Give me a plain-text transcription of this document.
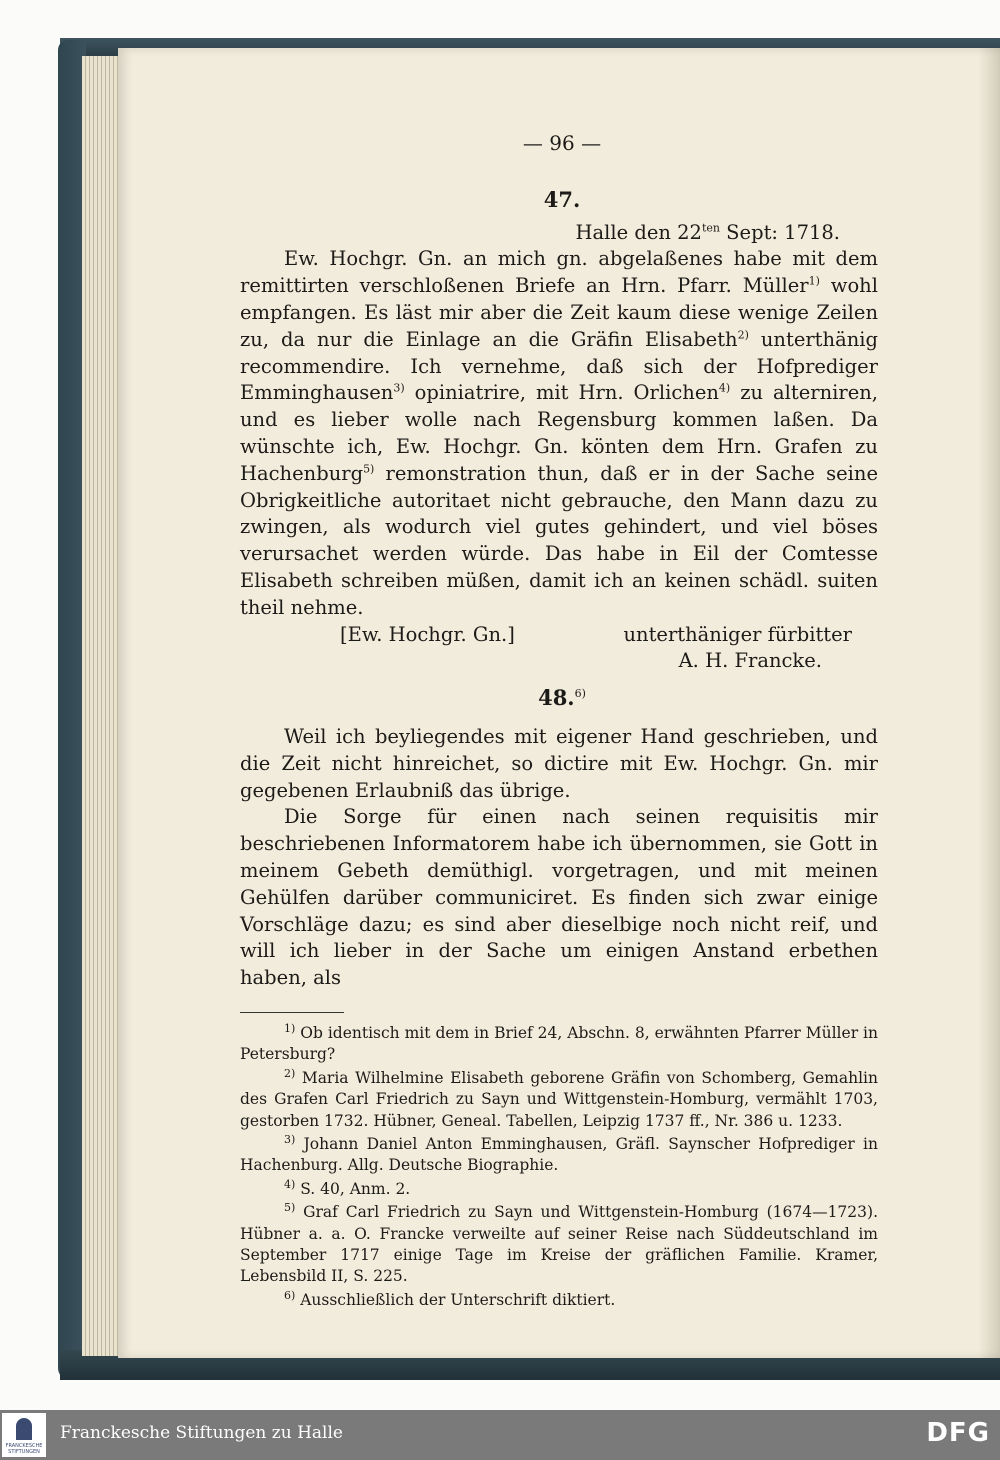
— 96 —
47.
Halle den $22^{ten}$ Sept: 1718.

Ew. Hochgr. Gn. an mich gn. abgelaßenes habe mit dem remittirten verschloßenen Briefe an Hrn. Pfarr. Müller$^{1)}$ wohl empfangen. Es läst mir aber die Zeit kaum diese wenige Zeilen zu, da nur die Einlage an die Gräfin Elisabeth$^{2)}$ unterthänig recommendire. Ich vernehme, daß sich der Hofprediger Emminghausen$^{3)}$ opiniatrire, mit Hrn. Orlichen$^{4)}$ zu alterniren, und es lieber wolle nach Regensburg kommen laßen. Da wünschte ich, Ew. Hochgr. Gn. könten dem Hrn. Grafen zu Hachenburg$^{5)}$ remonstration thun, daß er in der Sache seine Obrigkeitliche autoritaet nicht gebrauche, den Mann dazu zu zwingen, als wodurch viel gutes gehindert, und viel böses verursachet werden würde. Das habe in Eil der Comtesse Elisabeth schreiben müßen, damit ich an keinen schädl. suiten theil nehme.

[Ew. Hochgr. Gn.]	unterthäniger fürbitter
A. H. Francke.
48.$^{6)}$

Weil ich beyliegendes mit eigener Hand geschrieben, und die Zeit nicht hinreichet, so dictire mit Ew. Hochgr. Gn. mir gegebenen Erlaubniß das übrige.

Die Sorge für einen nach seinen requisitis mir beschriebenen Informatorem habe ich übernommen, sie Gott in meinem Gebeth demüthigl. vorgetragen, und mit meinen Gehülfen darüber communiciret. Es finden sich zwar einige Vorschläge dazu; es sind aber dieselbige noch nicht reif, und will ich lieber in der Sache um einigen Anstand erbethen haben, als

$^{1)}$ Ob identisch mit dem in Brief 24, Abschn. 8, erwähnten Pfarrer Müller in Petersburg?
$^{2)}$ Maria Wilhelmine Elisabeth geborene Gräfin von Schomberg, Gemahlin des Grafen Carl Friedrich zu Sayn und Wittgenstein-Homburg, vermählt 1703, gestorben 1732. Hübner, Geneal. Tabellen, Leipzig 1737 ff., Nr. 386 u. 1233.
$^{3)}$ Johann Daniel Anton Emminghausen, Gräfl. Saynscher Hofprediger in Hachenburg. Allg. Deutsche Biographie.
$^{4)}$ S. 40, Anm. 2.
$^{5)}$ Graf Carl Friedrich zu Sayn und Wittgenstein-Homburg (1674—1723). Hübner a. a. O. Francke verweilte auf seiner Reise nach Süddeutschland im September 1717 einige Tage im Kreise der gräflichen Familie. Kramer, Lebensbild II, S. 225.
$^{6)}$ Ausschließlich der Unterschrift diktiert.
FRANCKESCHE STIFTUNGEN
Franckesche Stiftungen zu Halle	DFG
